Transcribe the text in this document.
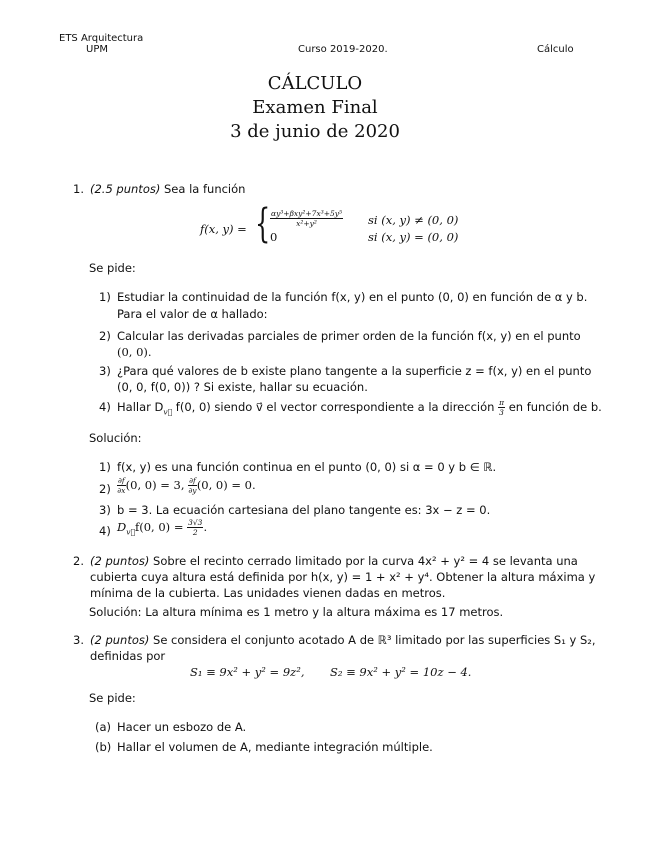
ETS Arquitectura
UPM	Curso 2019-2020.	Cálculo
CÁLCULO
Examen Final
3 de junio de 2020
1. (2.5 puntos) Sea la función
f(x, y) = { $\frac{\text{αy³+βxy²+7x³+5y⁵}}{\text{x²+y²}}$ si (x, y) ≠ (0, 0)
0	si (x, y) = (0, 0)
Se pide:
1) Estudiar la continuidad de la función f(x, y) en el punto (0, 0) en función de α y b.
Para el valor de α hallado:
2) Calcular las derivadas parciales de primer orden de la función f(x, y) en el punto
(0, 0).
3) ¿Para qué valores de b existe plano tangente a la superficie z = f(x, y) en el punto
(0, 0, f(0, 0)) ? Si existe, hallar su ecuación.
4) Hallar $D_{v⃗}$ f(0, 0) siendo v⃗ el vector correspondiente a la dirección $\frac{\pi}{3}$ en función de b.
Solución:
1) f(x, y) es una función continua en el punto (0, 0) si α = 0 y b ∈ ℝ.
$2) \frac{\partial f}{\partial x} (0$, 0) = 3, $\frac{\partial f}{\partial y} (0$, 0) = 0.
3) b = 3. La ecuación cartesiana del plano tangente es: 3x − z = 0.
4) $D_{v⃗}f(0$, $0) = \frac{3√3}{2}$ .
2. (2 puntos) Sobre el recinto cerrado limitado por la curva 4x² + y² = 4 se levanta una
cubierta cuya altura está definida por h(x, y) = 1 + x² + y⁴. Obtener la altura máxima y
mínima de la cubierta. Las unidades vienen dadas en metros.
Solución: La altura mínima es 1 metro y la altura máxima es 17 metros.
3. (2 puntos) Se considera el conjunto acotado A de ℝ³ limitado por las superficies S₁ y S₂,
definidas por
S₁ ≡ 9x² + y² = 9z², S₂ ≡ 9x² + y² = 10z − 4.
Se pide:
(a) Hacer un esbozo de A.
(b) Hallar el volumen de A, mediante integración múltiple.
